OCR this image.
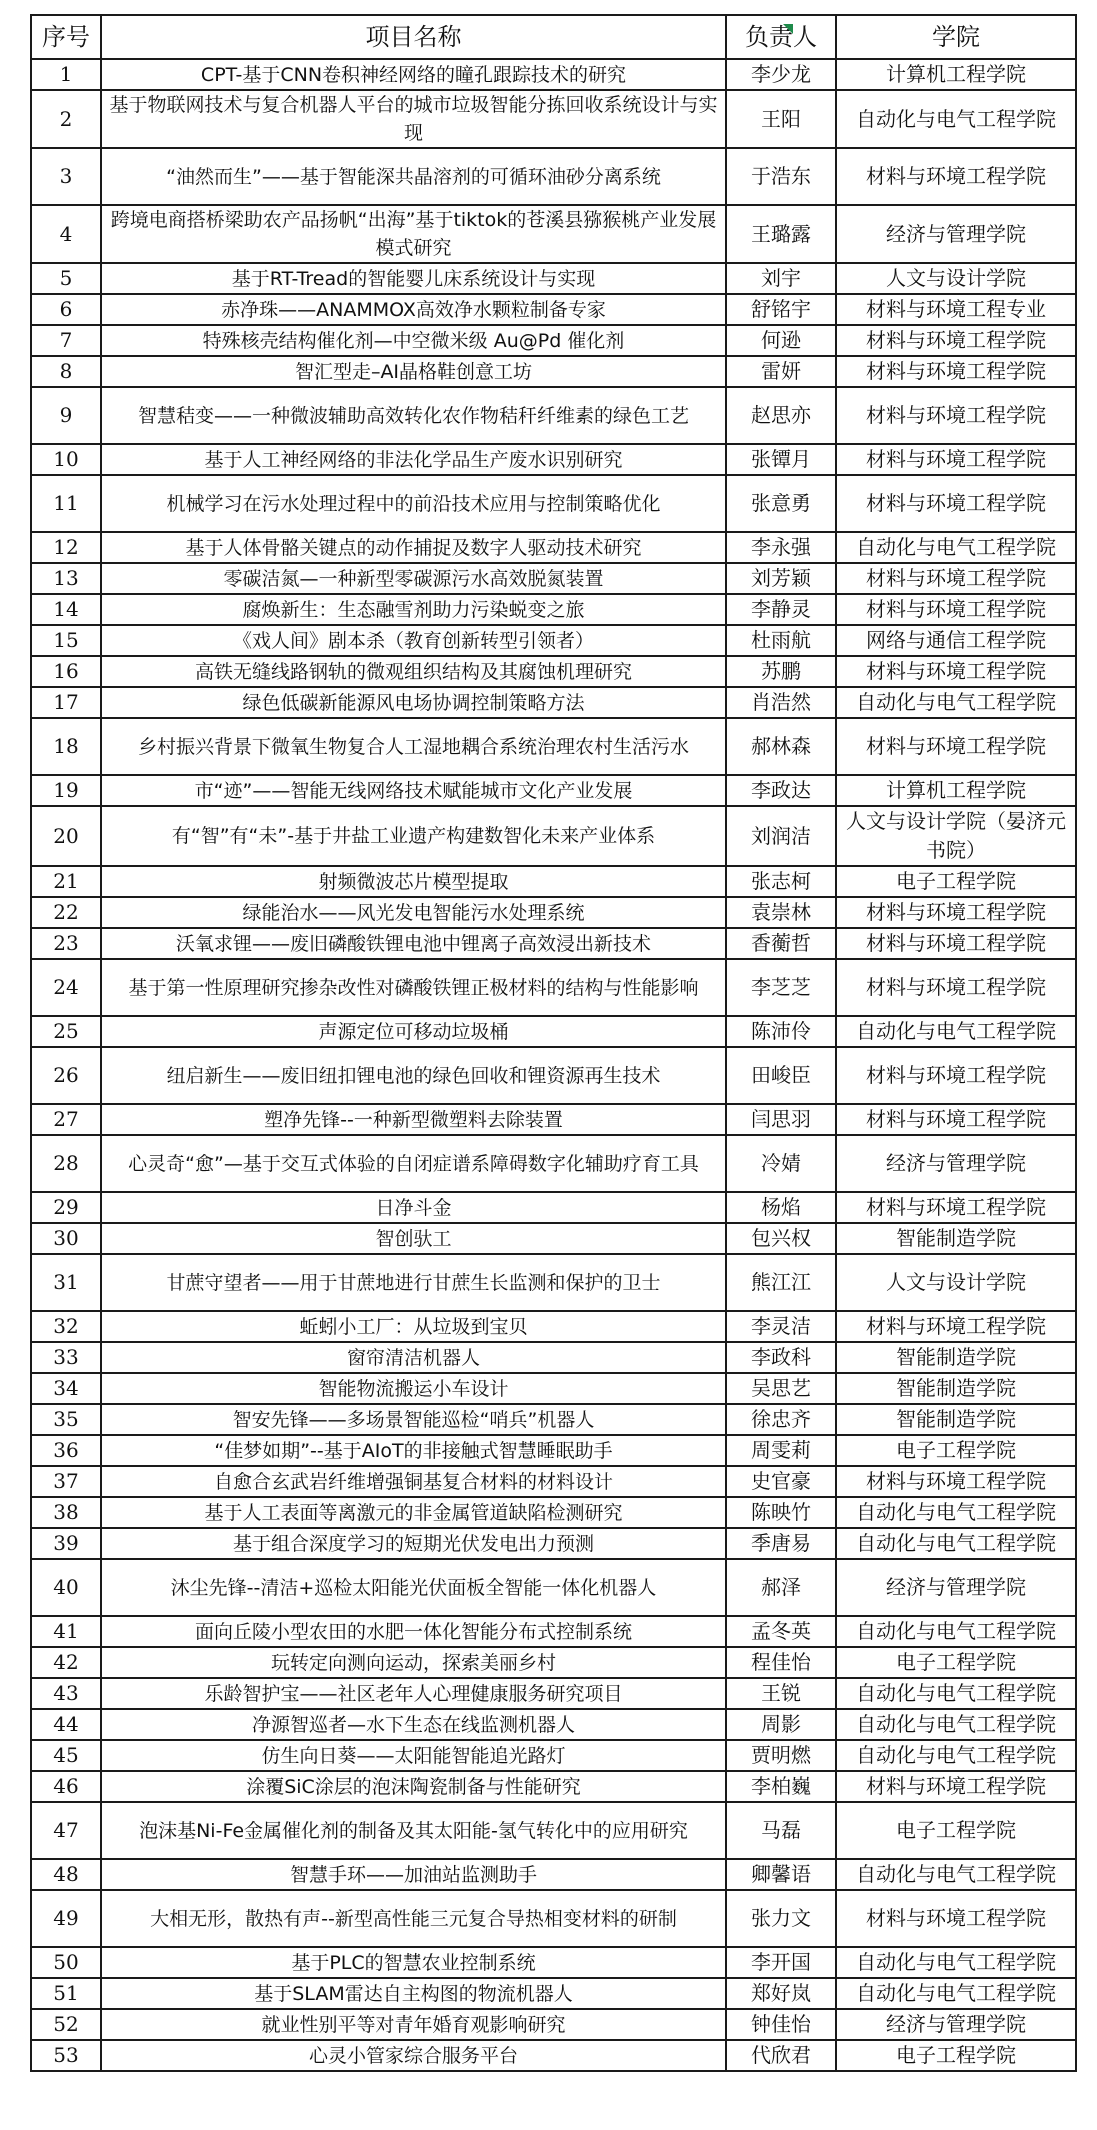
序号	项目名称	负责人	学院
1	CPT-基于CNN卷积神经网络的瞳孔跟踪技术的研究	李少龙	计算机工程学院
2	基于物联网技术与复合机器人平台的城市垃圾智能分拣回收系统设计与实现	王阳	自动化与电气工程学院
3	“油然而生”——基于智能深共晶溶剂的可循环油砂分离系统	于浩东	材料与环境工程学院
4	跨境电商搭桥梁助农产品扬帆“出海”基于tiktok的苍溪县猕猴桃产业发展模式研究	王璐露	经济与管理学院
5	基于RT-Tread的智能婴儿床系统设计与实现	刘宇	人文与设计学院
6	赤净珠——ANAMMOX高效净水颗粒制备专家	舒铭宇	材料与环境工程专业
7	特殊核壳结构催化剂—中空微米级 Au@Pd 催化剂	何逊	材料与环境工程学院
8	智汇型走–AI晶格鞋创意工坊	雷妍	材料与环境工程学院
9	智慧秸变——一种微波辅助高效转化农作物秸秆纤维素的绿色工艺	赵思亦	材料与环境工程学院
10	基于人工神经网络的非法化学品生产废水识别研究	张镡月	材料与环境工程学院
11	机械学习在污水处理过程中的前沿技术应用与控制策略优化	张意勇	材料与环境工程学院
12	基于人体骨骼关键点的动作捕捉及数字人驱动技术研究	李永强	自动化与电气工程学院
13	零碳洁氮—一种新型零碳源污水高效脱氮装置	刘芳颖	材料与环境工程学院
14	腐焕新生：生态融雪剂助力污染蜕变之旅	李静灵	材料与环境工程学院
15	《戏人间》剧本杀（教育创新转型引领者）	杜雨航	网络与通信工程学院
16	高铁无缝线路钢轨的微观组织结构及其腐蚀机理研究	苏鹏	材料与环境工程学院
17	绿色低碳新能源风电场协调控制策略方法	肖浩然	自动化与电气工程学院
18	乡村振兴背景下微氧生物复合人工湿地耦合系统治理农村生活污水	郝林森	材料与环境工程学院
19	市“迹”——智能无线网络技术赋能城市文化产业发展	李政达	计算机工程学院
20	有“智”有“未”-基于井盐工业遗产构建数智化未来产业体系	刘润洁	人文与设计学院（晏济元书院）
21	射频微波芯片模型提取	张志柯	电子工程学院
22	绿能治水——风光发电智能污水处理系统	袁崇林	材料与环境工程学院
23	沃氧求锂——废旧磷酸铁锂电池中锂离子高效浸出新技术	香蘅哲	材料与环境工程学院
24	基于第一性原理研究掺杂改性对磷酸铁锂正极材料的结构与性能影响	李芝芝	材料与环境工程学院
25	声源定位可移动垃圾桶	陈沛伶	自动化与电气工程学院
26	纽启新生——废旧纽扣锂电池的绿色回收和锂资源再生技术	田峻臣	材料与环境工程学院
27	塑净先锋--一种新型微塑料去除装置	闫思羽	材料与环境工程学院
28	心灵奇“愈”—基于交互式体验的自闭症谱系障碍数字化辅助疗育工具	冷婧	经济与管理学院
29	日净斗金	杨焰	材料与环境工程学院
30	智创驮工	包兴权	智能制造学院
31	甘蔗守望者——用于甘蔗地进行甘蔗生长监测和保护的卫士	熊江江	人文与设计学院
32	蚯蚓小工厂：从垃圾到宝贝	李灵洁	材料与环境工程学院
33	窗帘清洁机器人	李政科	智能制造学院
34	智能物流搬运小车设计	吴思艺	智能制造学院
35	智安先锋——多场景智能巡检“哨兵”机器人	徐忠齐	智能制造学院
36	“佳梦如期”--基于AIoT的非接触式智慧睡眠助手	周雯莉	电子工程学院
37	自愈合玄武岩纤维增强铜基复合材料的材料设计	史官豪	材料与环境工程学院
38	基于人工表面等离激元的非金属管道缺陷检测研究	陈映竹	自动化与电气工程学院
39	基于组合深度学习的短期光伏发电出力预测	季唐易	自动化与电气工程学院
40	沐尘先锋--清洁+巡检太阳能光伏面板全智能一体化机器人	郝泽	经济与管理学院
41	面向丘陵小型农田的水肥一体化智能分布式控制系统	孟冬英	自动化与电气工程学院
42	玩转定向测向运动，探索美丽乡村	程佳怡	电子工程学院
43	乐龄智护宝——社区老年人心理健康服务研究项目	王锐	自动化与电气工程学院
44	净源智巡者—水下生态在线监测机器人	周影	自动化与电气工程学院
45	仿生向日葵——太阳能智能追光路灯	贾明燃	自动化与电气工程学院
46	涂覆SiC涂层的泡沫陶瓷制备与性能研究	李柏巍	材料与环境工程学院
47	泡沫基Ni-Fe金属催化剂的制备及其太阳能-氢气转化中的应用研究	马磊	电子工程学院
48	智慧手环——加油站监测助手	卿馨语	自动化与电气工程学院
49	大相无形，散热有声--新型高性能三元复合导热相变材料的研制	张力文	材料与环境工程学院
50	基于PLC的智慧农业控制系统	李开国	自动化与电气工程学院
51	基于SLAM雷达自主构图的物流机器人	郑好岚	自动化与电气工程学院
52	就业性别平等对青年婚育观影响研究	钟佳怡	经济与管理学院
53	心灵小管家综合服务平台	代欣君	电子工程学院
